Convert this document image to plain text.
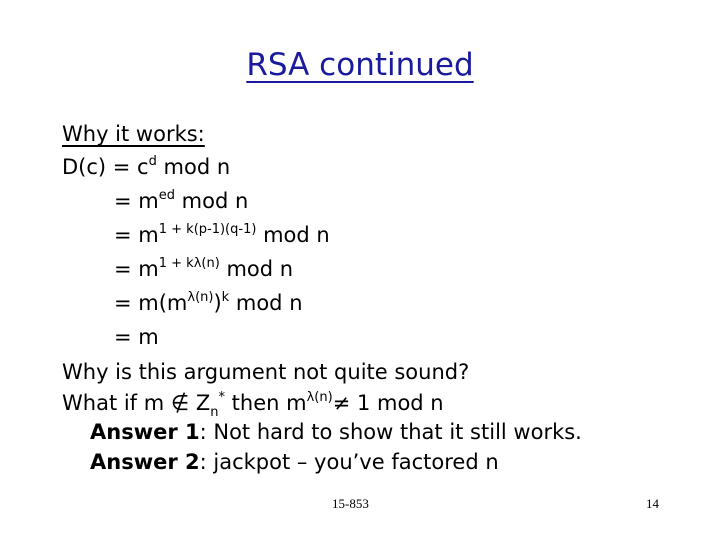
RSA continued
Why it works:
$D(c) = c^d$ mod n
= $m^{ed}$ mod n
= $m^{1 + k(p-1)(q-1)}$ mod n
= $m^{1 + k\lambda(n)}$ mod n
= $m(m^{\lambda(n)})^k$ mod n
= m
Why is this argument not quite sound?
What if m ∉ $Z_n^*$ then $m^{\lambda(n)}\ne 1$ mod n
Answer 1: Not hard to show that it still works.
Answer 2: jackpot – you’ve factored n
15-853	14
